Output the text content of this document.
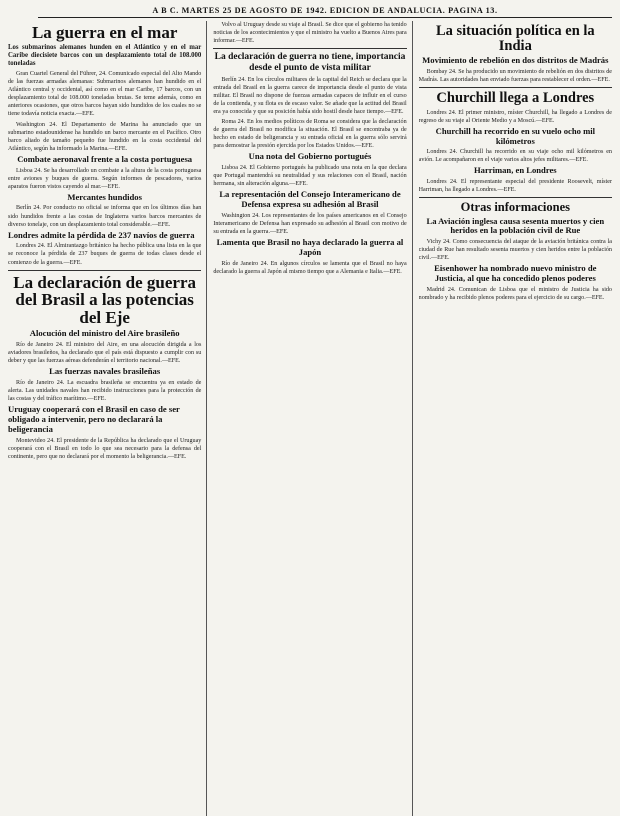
A B C. MARTES 25 DE AGOSTO DE 1942. EDICION DE ANDALUCIA. PAGINA 13.
La guerra en el mar

Los submarinos alemanes hunden en el Atlántico y en el mar Caribe diecisiete barcos con un desplazamiento total de 108.000 toneladas

Gran Cuartel General del Führer, 24. Comunicado especial del Alto Mando de las fuerzas armadas alemanas: Submarinos alemanes han hundido en el Atlántico central y occidental, así como en el mar Caribe, 17 barcos, con un desplazamiento total de 108.000 toneladas brutas. Se teme además, como en anteriores ocasiones, que otros barcos hayan sido hundidos de los cuales no se tiene todavía noticia exacta.—EFE.

Washington 24. El Departamento de Marina ha anunciado que un submarino estadounidense ha hundido un barco mercante en el Pacífico. Otro barco aliado de tamaño pequeño fue hundido en la costa occidental del Atlántico, según ha informado la Marina.—EFE.

Combate aeronaval frente a la costa portuguesa

Lisboa 24. Se ha desarrollado un combate a la altura de la costa portuguesa entre aviones y buques de guerra. Según informes de pescadores, varios aparatos fueron vistos cayendo al mar.—EFE.

Mercantes hundidos

Berlín 24. Por conducto no oficial se informa que en los últimos días han sido hundidos frente a las costas de Inglaterra varios barcos mercantes de diverso tonelaje, con un desplazamiento total considerable.—EFE.

Londres admite la pérdida de 237 navíos de guerra

Londres 24. El Almirantazgo británico ha hecho pública una lista en la que se reconoce la pérdida de 237 buques de guerra de todas clases desde el comienzo de la guerra.—EFE.

La declaración de guerra del Brasil a las potencias del Eje
Alocución del ministro del Aire brasileño

Río de Janeiro 24. El ministro del Aire, en una alocución dirigida a los aviadores brasileños, ha declarado que el país está dispuesto a cumplir con su deber y que las fuerzas aéreas defenderán el territorio nacional.—EFE.

Las fuerzas navales brasileñas

Río de Janeiro 24. La escuadra brasileña se encuentra ya en estado de alerta. Las unidades navales han recibido instrucciones para la protección de las costas y del tráfico marítimo.—EFE.

Uruguay cooperará con el Brasil en caso de ser obligado a intervenir, pero no declarará la beligerancia

Montevideo 24. El presidente de la República ha declarado que el Uruguay cooperará con el Brasil en todo lo que sea necesario para la defensa del continente, pero que no declarará por el momento la beligerancia.—EFE.

Volvo al Uruguay desde su viaje al Brasil. Se dice que el gobierno ha tenido noticias de los acontecimientos y que el ministro ha vuelto a Buenos Aires para informar.—EFE.

La declaración de guerra no tiene, importancia desde el punto de vista militar

Berlín 24. En los círculos militares de la capital del Reich se declara que la entrada del Brasil en la guerra carece de importancia desde el punto de vista militar. El Brasil no dispone de fuerzas armadas capaces de influir en el curso de la contienda, y su flota es de escaso valor. Se añade que la actitud del Brasil era ya conocida y que su posición había sido hostil desde hace tiempo.—EFE.

Roma 24. En los medios políticos de Roma se considera que la declaración de guerra del Brasil no modifica la situación. El Brasil se encontraba ya de hecho en estado de beligerancia y su entrada oficial en la guerra sólo servirá para demostrar la presión ejercida por los Estados Unidos.—EFE.

Una nota del Gobierno portugués

Lisboa 24. El Gobierno portugués ha publicado una nota en la que declara que Portugal mantendrá su neutralidad y sus relaciones con el Brasil, nación hermana, sin alteración alguna.—EFE.

La representación del Consejo Interamericano de Defensa expresa su adhesión al Brasil

Washington 24. Los representantes de los países americanos en el Consejo Interamericano de Defensa han expresado su adhesión al Brasil con motivo de su entrada en la guerra.—EFE.

Lamenta que Brasil no haya declarado la guerra al Japón

Río de Janeiro 24. En algunos círculos se lamenta que el Brasil no haya declarado la guerra al Japón al mismo tiempo que a Alemania e Italia.—EFE.

La situación política en la India
Movimiento de rebelión en dos distritos de Madrás

Bombay 24. Se ha producido un movimiento de rebelión en dos distritos de Madrás. Las autoridades han enviado fuerzas para restablecer el orden.—EFE.

Churchill llega a Londres

Londres 24. El primer ministro, míster Churchill, ha llegado a Londres de regreso de su viaje al Oriente Medio y a Moscú.—EFE.

Churchill ha recorrido en su vuelo ocho mil kilómetros

Londres 24. Churchill ha recorrido en su viaje ocho mil kilómetros en avión. Le acompañaron en el viaje varios altos jefes militares.—EFE.

Harriman, en Londres

Londres 24. El representante especial del presidente Roosevelt, míster Harriman, ha llegado a Londres.—EFE.

Otras informaciones
La Aviación inglesa causa sesenta muertos y cien heridos en la población civil de Rue

Vichy 24. Como consecuencia del ataque de la aviación británica contra la ciudad de Rue han resultado sesenta muertos y cien heridos entre la población civil.—EFE.

Eisenhower ha nombrado nuevo ministro de Justicia, al que ha concedido plenos poderes

Madrid 24. Comunican de Lisboa que el ministro de Justicia ha sido nombrado y ha recibido plenos poderes para el ejercicio de su cargo.—EFE.
